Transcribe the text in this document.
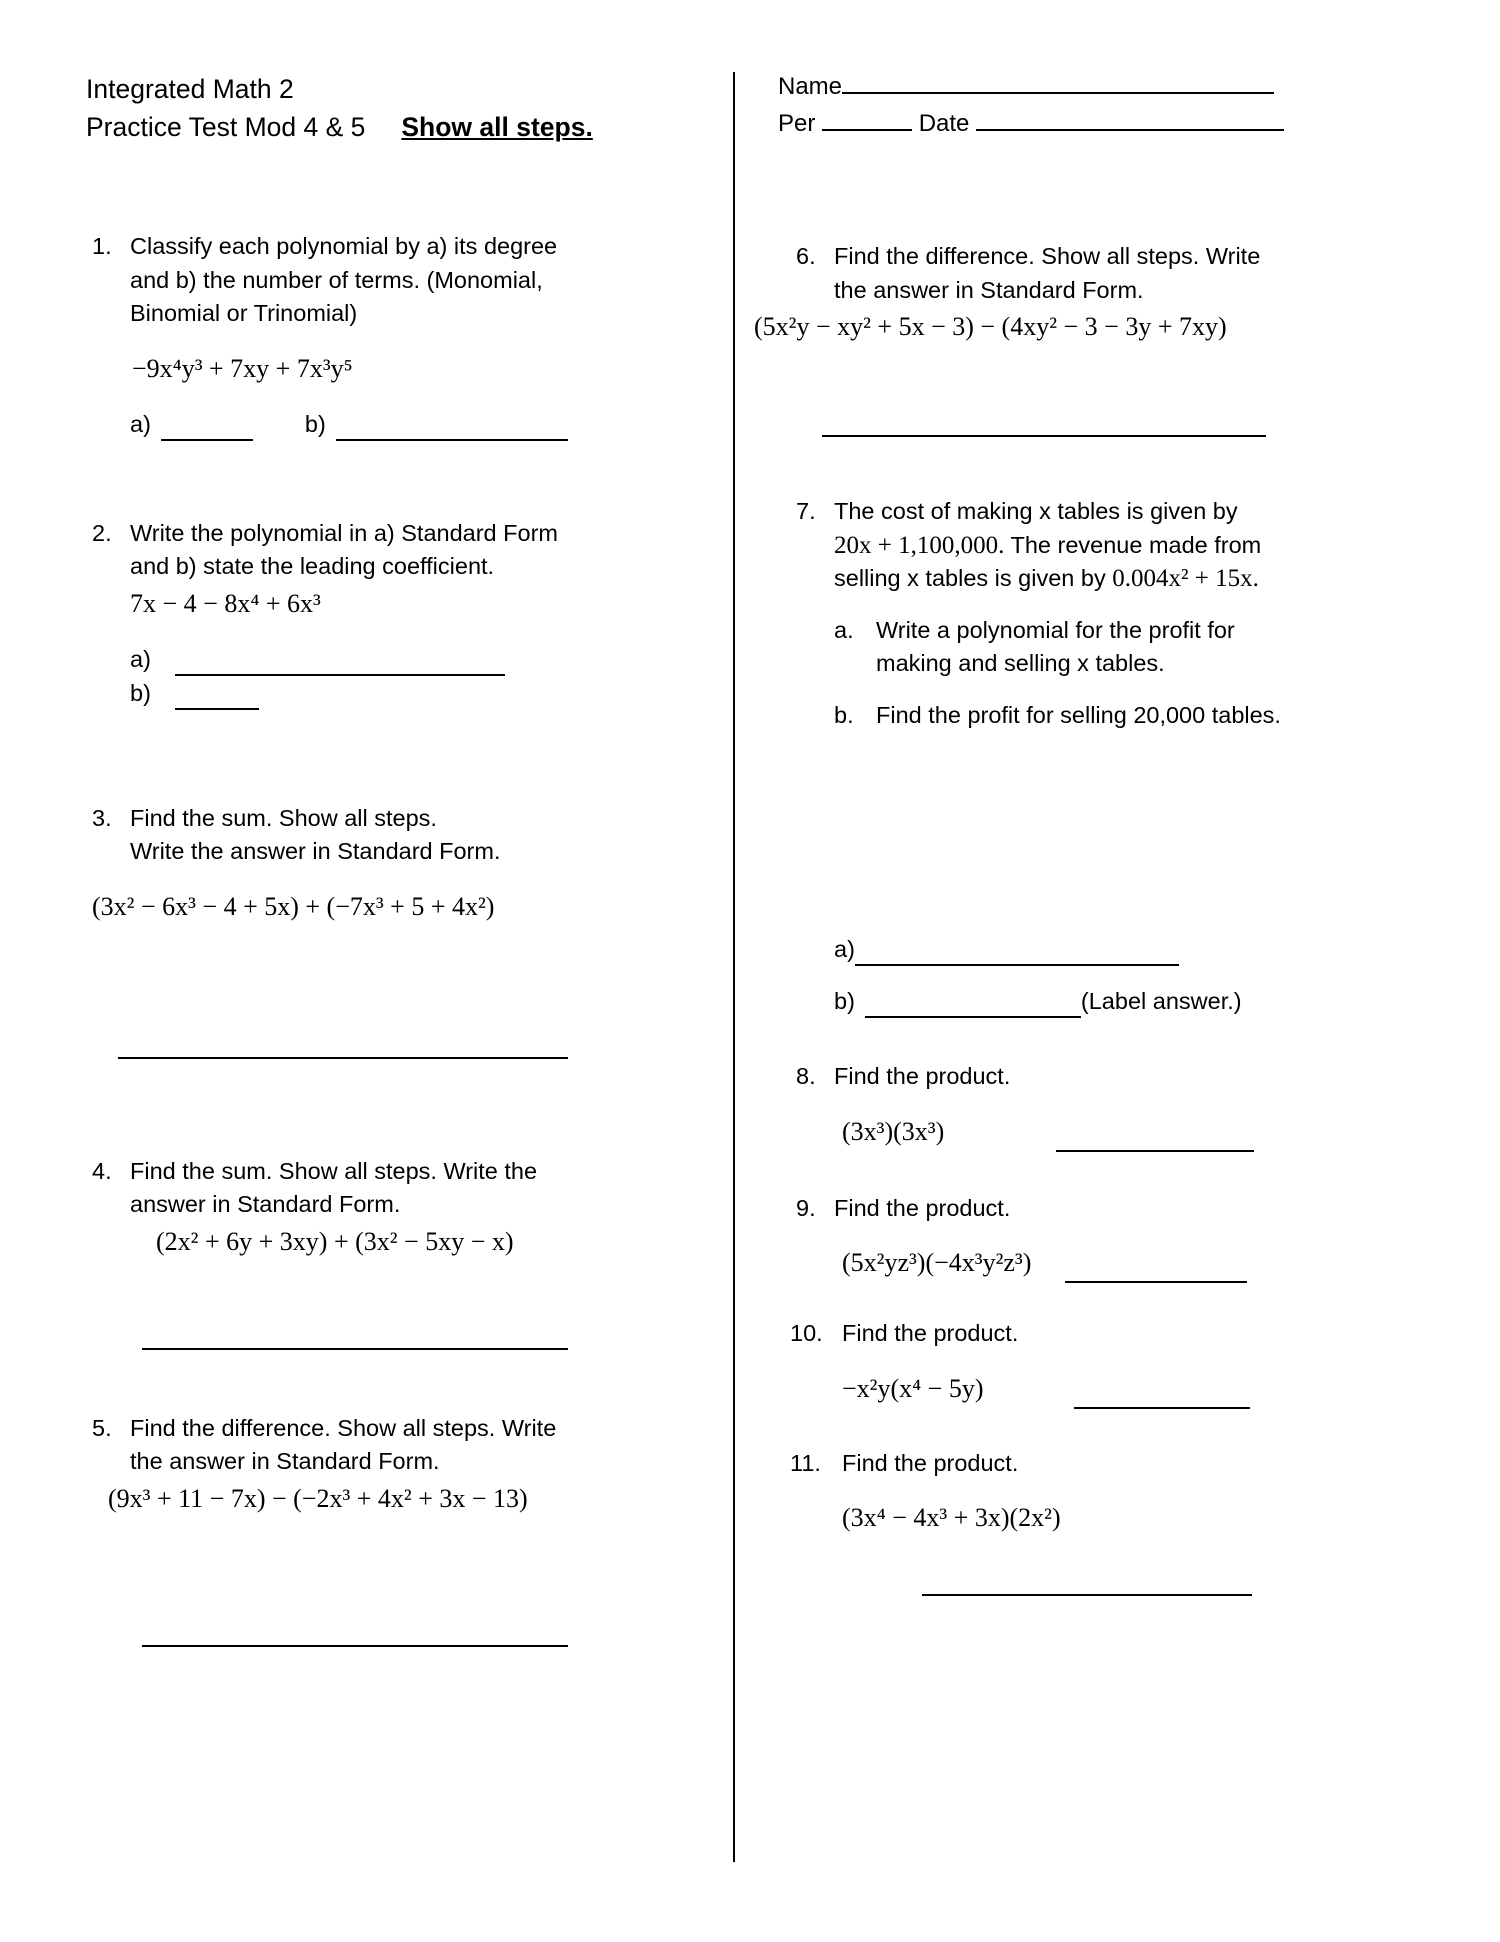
Integrated Math 2
Practice Test Mod 4 & 5 Show all steps.
Name
Per	Date
1. Classify each polynomial by a) its degree
and b) the number of terms. (Monomial,
Binomial or Trinomial)
−9x⁴y³ + 7xy + 7x³y⁵
a)	b)
2. Write the polynomial in a) Standard Form
and b) state the leading coefficient.
7x − 4 − 8x⁴ + 6x³
a)
b)
3. Find the sum. Show all steps.
Write the answer in Standard Form.
(3x² − 6x³ − 4 + 5x) + (−7x³ + 5 + 4x²)
4. Find the sum. Show all steps. Write the
answer in Standard Form.
(2x² + 6y + 3xy) + (3x² − 5xy − x)
5. Find the difference. Show all steps. Write
the answer in Standard Form.
(9x³ + 11 − 7x) − (−2x³ + 4x² + 3x − 13)
6. Find the difference. Show all steps. Write
the answer in Standard Form.
(5x²y − xy² + 5x − 3) − (4xy² − 3 − 3y + 7xy)
7. The cost of making x tables is given by
20x + 1,100,000. The revenue made from
selling x tables is given by 0.004x² + 15x.
a. Write a polynomial for the profit for
making and selling x tables.
b. Find the profit for selling 20,000 tables.
a)
b)	(Label answer.)
8. Find the product.
(3x³)(3x³)
9. Find the product.
(5x²yz³)(−4x³y²z³)
10. Find the product.
−x²y(x⁴ − 5y)
11. Find the product.
(3x⁴ − 4x³ + 3x)(2x²)
